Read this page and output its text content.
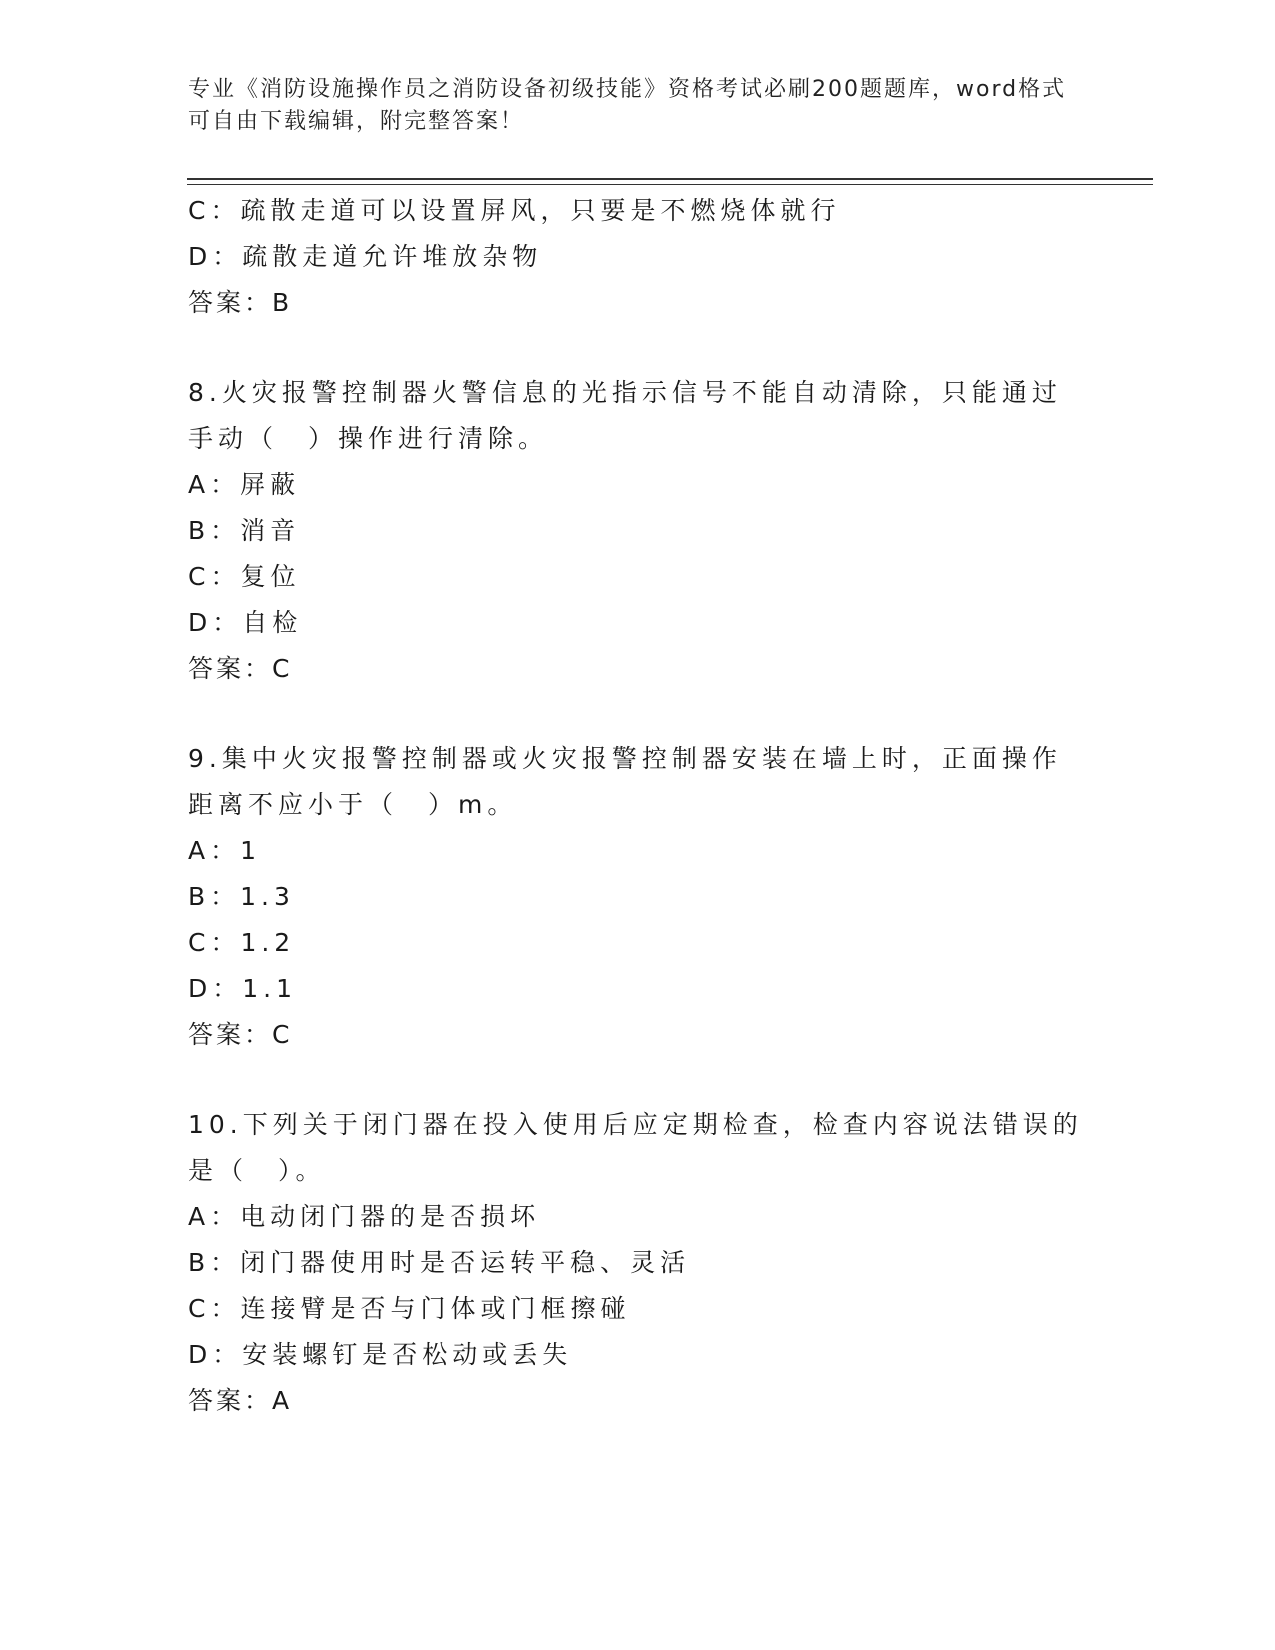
专业《消防设施操作员之消防设备初级技能》资格考试必刷200题题库，word格式可自由下载编辑，附完整答案！
C：疏散走道可以设置屏风，只要是不燃烧体就行
D：疏散走道允许堆放杂物
答案：B
8.火灾报警控制器火警信息的光指示信号不能自动清除，只能通过手动（　）操作进行清除。
A：屏蔽
B：消音
C：复位
D：自检
答案：C
9.集中火灾报警控制器或火灾报警控制器安装在墙上时，正面操作距离不应小于（　）m。
A：1
B：1.3
C：1.2
D：1.1
答案：C
10.下列关于闭门器在投入使用后应定期检查，检查内容说法错误的是（　）。
A：电动闭门器的是否损坏
B：闭门器使用时是否运转平稳、灵活
C：连接臂是否与门体或门框擦碰
D：安装螺钉是否松动或丢失
答案：A
